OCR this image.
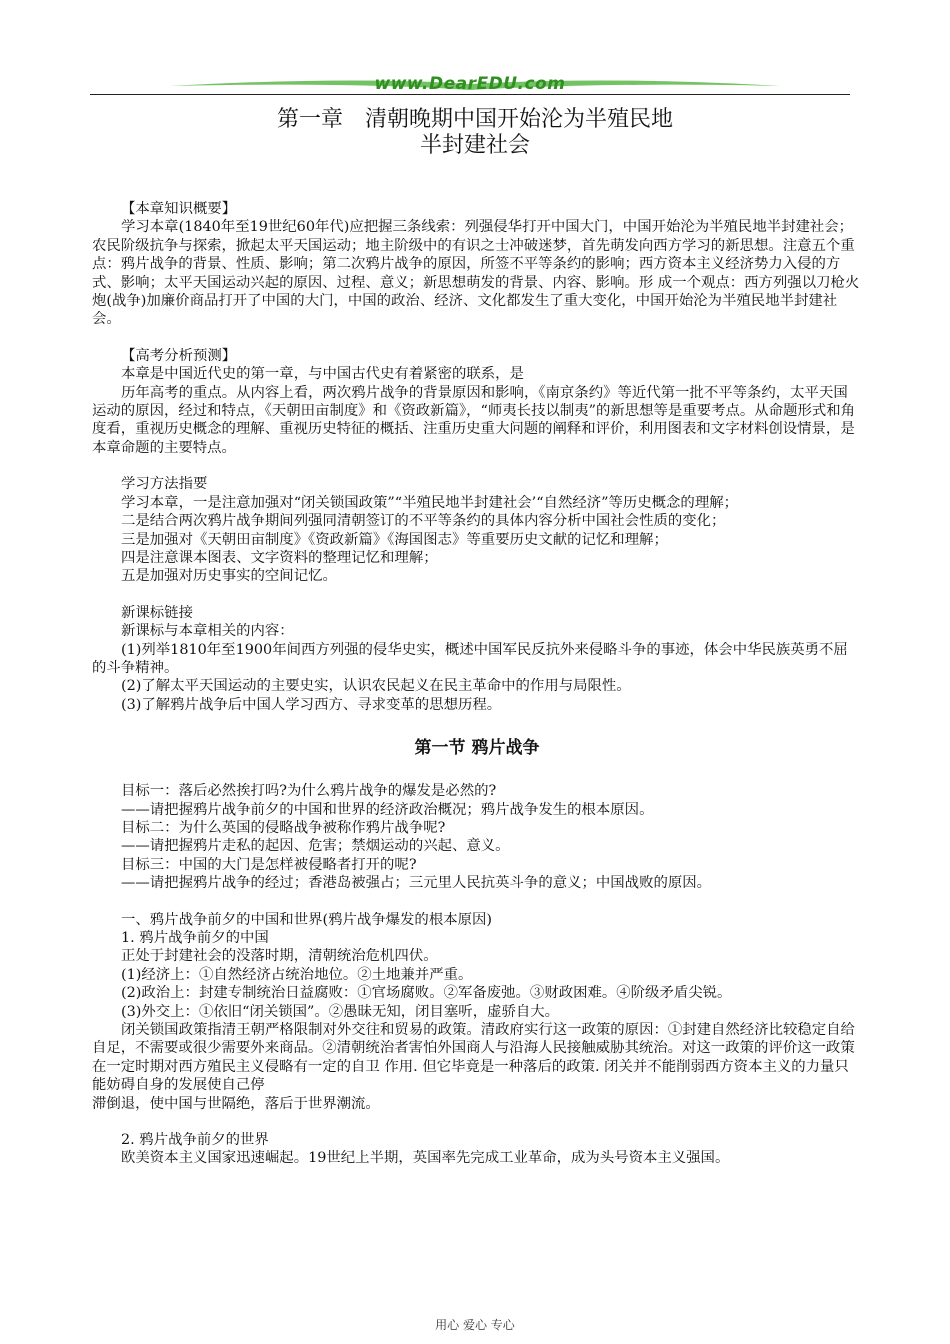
www.DearEDU.com
第一章　清朝晚期中国开始沦为半殖民地
半封建社会

【本章知识概要】

学习本章(1840年至19世纪60年代)应把握三条线索：列强侵华打开中国大门，中国开始沦为半殖民地半封建社会；农民阶级抗争与探索，掀起太平天国运动；地主阶级中的有识之士冲破迷梦，首先萌发向西方学习的新思想。注意五个重点：鸦片战争的背景、性质、影响；第二次鸦片战争的原因，所签不平等条约的影响；西方资本主义经济势力入侵的方式、影响；太平天国运动兴起的原因、过程、意义；新思想萌发的背景、内容、影响。形 成一个观点：西方列强以刀枪火炮(战争)加廉价商品打开了中国的大门，中国的政治、经济、文化都发生了重大变化，中国开始沦为半殖民地半封建社会。

【高考分析预测】

本章是中国近代史的第一章，与中国古代史有着紧密的联系，是

历年高考的重点。从内容上看，两次鸦片战争的背景原因和影响，《南京条约》等近代第一批不平等条约，太平天国运动的原因，经过和特点，《天朝田亩制度》和《资政新篇》，“师夷长技以制夷”的新思想等是重要考点。从命题形式和角度看，重视历史概念的理解、重视历史特征的概括、注重历史重大问题的阐释和评价，利用图表和文字材料创设情景，是本章命题的主要特点。

学习方法指要

学习本章，一是注意加强对“闭关锁国政策”“半殖民地半封建社会’“自然经济”等历史概念的理解；

二是结合两次鸦片战争期间列强同清朝签订的不平等条约的具体内容分析中国社会性质的变化；

三是加强对《天朝田亩制度》《资政新篇》《海国图志》等重要历史文献的记忆和理解；

四是注意课本图表、文字资料的整理记忆和理解；

五是加强对历史事实的空间记忆。

新课标链接

新课标与本章相关的内容：

(1)列举1810年至1900年间西方列强的侵华史实，概述中国军民反抗外来侵略斗争的事迹，体会中华民族英勇不屈的斗争精神。

(2)了解太平天国运动的主要史实，认识农民起义在民主革命中的作用与局限性。

(3)了解鸦片战争后中国人学习西方、寻求变革的思想历程。

第一节 鸦片战争

目标一：落后必然挨打吗?为什么鸦片战争的爆发是必然的?

——请把握鸦片战争前夕的中国和世界的经济政治概况；鸦片战争发生的根本原因。

目标二：为什么英国的侵略战争被称作鸦片战争呢?

——请把握鸦片走私的起因、危害；禁烟运动的兴起、意义。

目标三：中国的大门是怎样被侵略者打开的呢?

——请把握鸦片战争的经过；香港岛被强占；三元里人民抗英斗争的意义；中国战败的原因。

一、鸦片战争前夕的中国和世界(鸦片战争爆发的根本原因)

1. 鸦片战争前夕的中国

正处于封建社会的没落时期，清朝统治危机四伏。

(1)经济上：①自然经济占统治地位。②土地兼并严重。

(2)政治上：封建专制统治日益腐败：①官场腐败。②军备废弛。③财政困难。④阶级矛盾尖锐。

(3)外交上：①依旧“闭关锁国”。②愚昧无知，闭目塞听，虚骄自大。

闭关锁国政策指清王朝严格限制对外交往和贸易的政策。清政府实行这一政策的原因：①封建自然经济比较稳定自给自足，不需要或很少需要外来商品。②清朝统治者害怕外国商人与沿海人民接触威胁其统治。对这一政策的评价这一政策在一定时期对西方殖民主义侵略有一定的自卫 作用. 但它毕竟是一种落后的政策. 闭关并不能削弱西方资本主义的力量只能妨碍自身的发展使自己停

滞倒退，使中国与世隔绝，落后于世界潮流。

2. 鸦片战争前夕的世界

欧美资本主义国家迅速崛起。19世纪上半期，英国率先完成工业革命，成为头号资本主义强国。

用心 爱心 专心
